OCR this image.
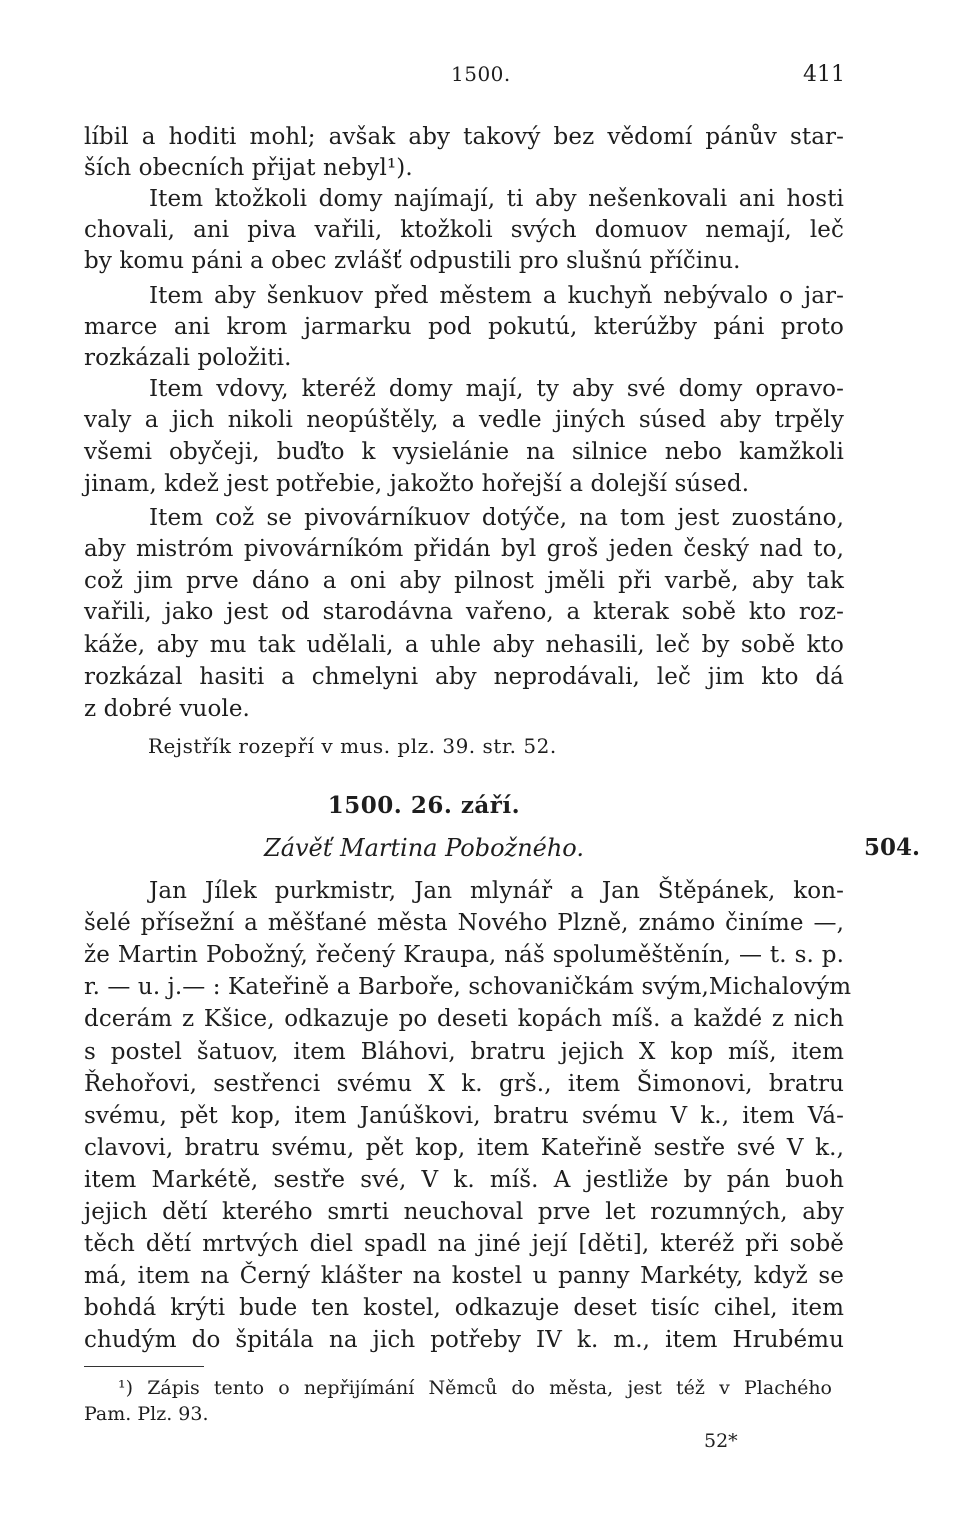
1500.	411
líbil a hoditi mohl; avšak aby takový bez vědomí pánův star-
ších obecních přijat nebyl¹).
Item ktožkoli domy najímají, ti aby nešenkovali ani hosti
chovali, ani piva vařili, ktožkoli svých domuov nemají, leč
by komu páni a obec zvlášť odpustili pro slušnú příčinu.
Item aby šenkuov před městem a kuchyň nebývalo o jar-
marce ani krom jarmarku pod pokutú, kterúžby páni proto
rozkázali položiti.
Item vdovy, kteréž domy mají, ty aby své domy opravo-
valy a jich nikoli neopúštěly, a vedle jiných súsed aby trpěly
všemi obyčeji, buďto k vysielánie na silnice nebo kamžkoli
jinam, kdež jest potřebie, jakožto hořejší a dolejší súsed.
Item což se pivovárníkuov dotýče, na tom jest zuostáno,
aby mistróm pivovárníkóm přidán byl groš jeden český nad to,
což jim prve dáno a oni aby pilnost jměli při varbě, aby tak
vařili, jako jest od starodávna vařeno, a kterak sobě kto roz-
káže, aby mu tak udělali, a uhle aby nehasili, leč by sobě kto
rozkázal hasiti a chmelyni aby neprodávali, leč jim kto dá
z dobré vuole.
Rejstřík rozepří v mus. plz. 39. str. 52.
1500. 26. září.
Závěť Martina Pobožného.	504.
Jan Jílek purkmistr, Jan mlynář a Jan Štěpánek, kon-
šelé přísežní a měšťané města Nového Plzně, známo činíme —,
že Martin Pobožný, řečený Kraupa, náš spoluměštěnín, — t. s. p.
r. — u. j.— : Kateřině a Barboře, schovaničkám svým,Michalovým
dcerám z Kšice, odkazuje po deseti kopách míš. a každé z nich
s postel šatuov, item Bláhovi, bratru jejich X kop míš, item
Řehořovi, sestřenci svému X k. grš., item Šimonovi, bratru
svému, pět kop, item Janúškovi, bratru svému V k., item Vá-
clavovi, bratru svému, pět kop, item Kateřině sestře své V k.,
item Markétě, sestře své, V k. míš. A jestliže by pán buoh
jejich dětí kterého smrti neuchoval prve let rozumných, aby
těch dětí mrtvých diel spadl na jiné její [děti], kteréž při sobě
má, item na Černý klášter na kostel u panny Markéty, když se
bohdá krýti bude ten kostel, odkazuje deset tisíc cihel, item
chudým do špitála na jich potřeby IV k. m., item Hrubému
¹) Zápis tento o nepřijímání Němců do města, jest též v Plachého
Pam. Plz. 93.
52*
